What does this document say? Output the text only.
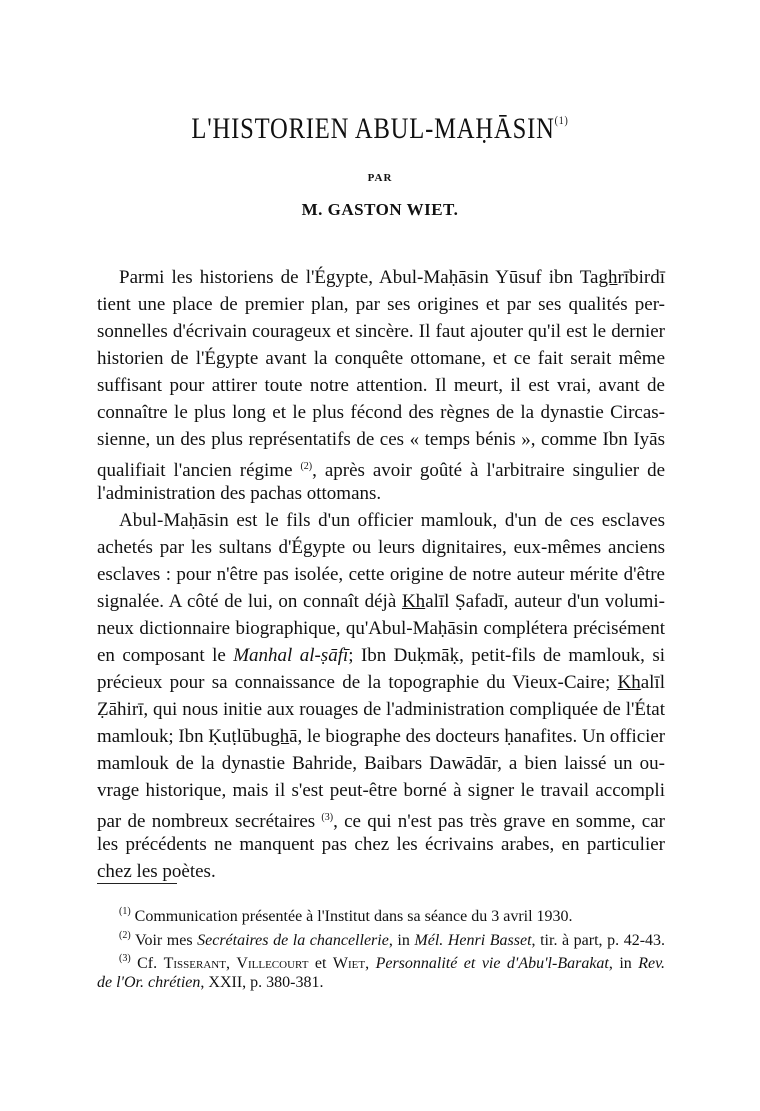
L'HISTORIEN ABUL-MAḤĀSIN$^{(1)}$
PAR
M. GASTON WIET.
Parmi les historiens de l'Égypte, Abul-Maḥāsin Yūsuf ibn Taghrībirdī
tient une place de premier plan, par ses origines et par ses qualités per-
sonnelles d'écrivain courageux et sincère. Il faut ajouter qu'il est le dernier
historien de l'Égypte avant la conquête ottomane, et ce fait serait même
suffisant pour attirer toute notre attention. Il meurt, il est vrai, avant de
connaître le plus long et le plus fécond des règnes de la dynastie Circas-
sienne, un des plus représentatifs de ces « temps bénis », comme Ibn Iyās
qualifiait l'ancien régime $^{(2)}$, après avoir goûté à l'arbitraire singulier de
l'administration des pachas ottomans.
Abul-Maḥāsin est le fils d'un officier mamlouk, d'un de ces esclaves
achetés par les sultans d'Égypte ou leurs dignitaires, eux-mêmes anciens
esclaves : pour n'être pas isolée, cette origine de notre auteur mérite d'être
signalée. A côté de lui, on connaît déjà Khalīl Ṣafadī, auteur d'un volumi-
neux dictionnaire biographique, qu'Abul-Maḥāsin complétera précisément
en composant le Manhal al-ṣāfī; Ibn Duḳmāḳ, petit-fils de mamlouk, si
précieux pour sa connaissance de la topographie du Vieux-Caire; Khalīl
Ẓāhirī, qui nous initie aux rouages de l'administration compliquée de l'État
mamlouk; Ibn Ḳuṭlūbughā, le biographe des docteurs ḥanafites. Un officier
mamlouk de la dynastie Bahride, Baibars Dawādār, a bien laissé un ou-
vrage historique, mais il s'est peut-être borné à signer le travail accompli
par de nombreux secrétaires $^{(3)}$, ce qui n'est pas très grave en somme, car
les précédents ne manquent pas chez les écrivains arabes, en particulier
chez les poètes.
$^{(1)}$ Communication présentée à l'Institut dans sa séance du 3 avril 1930.
$^{(2)}$ Voir mes Secrétaires de la chancellerie, in Mél. Henri Basset, tir. à part, p. 42-43.
$^{(3)}$ Cf. Tisserant, Villecourt et Wiet, Personnalité et vie d'Abu'l-Barakat, in Rev.
de l'Or. chrétien, XXII, p. 380-381.
